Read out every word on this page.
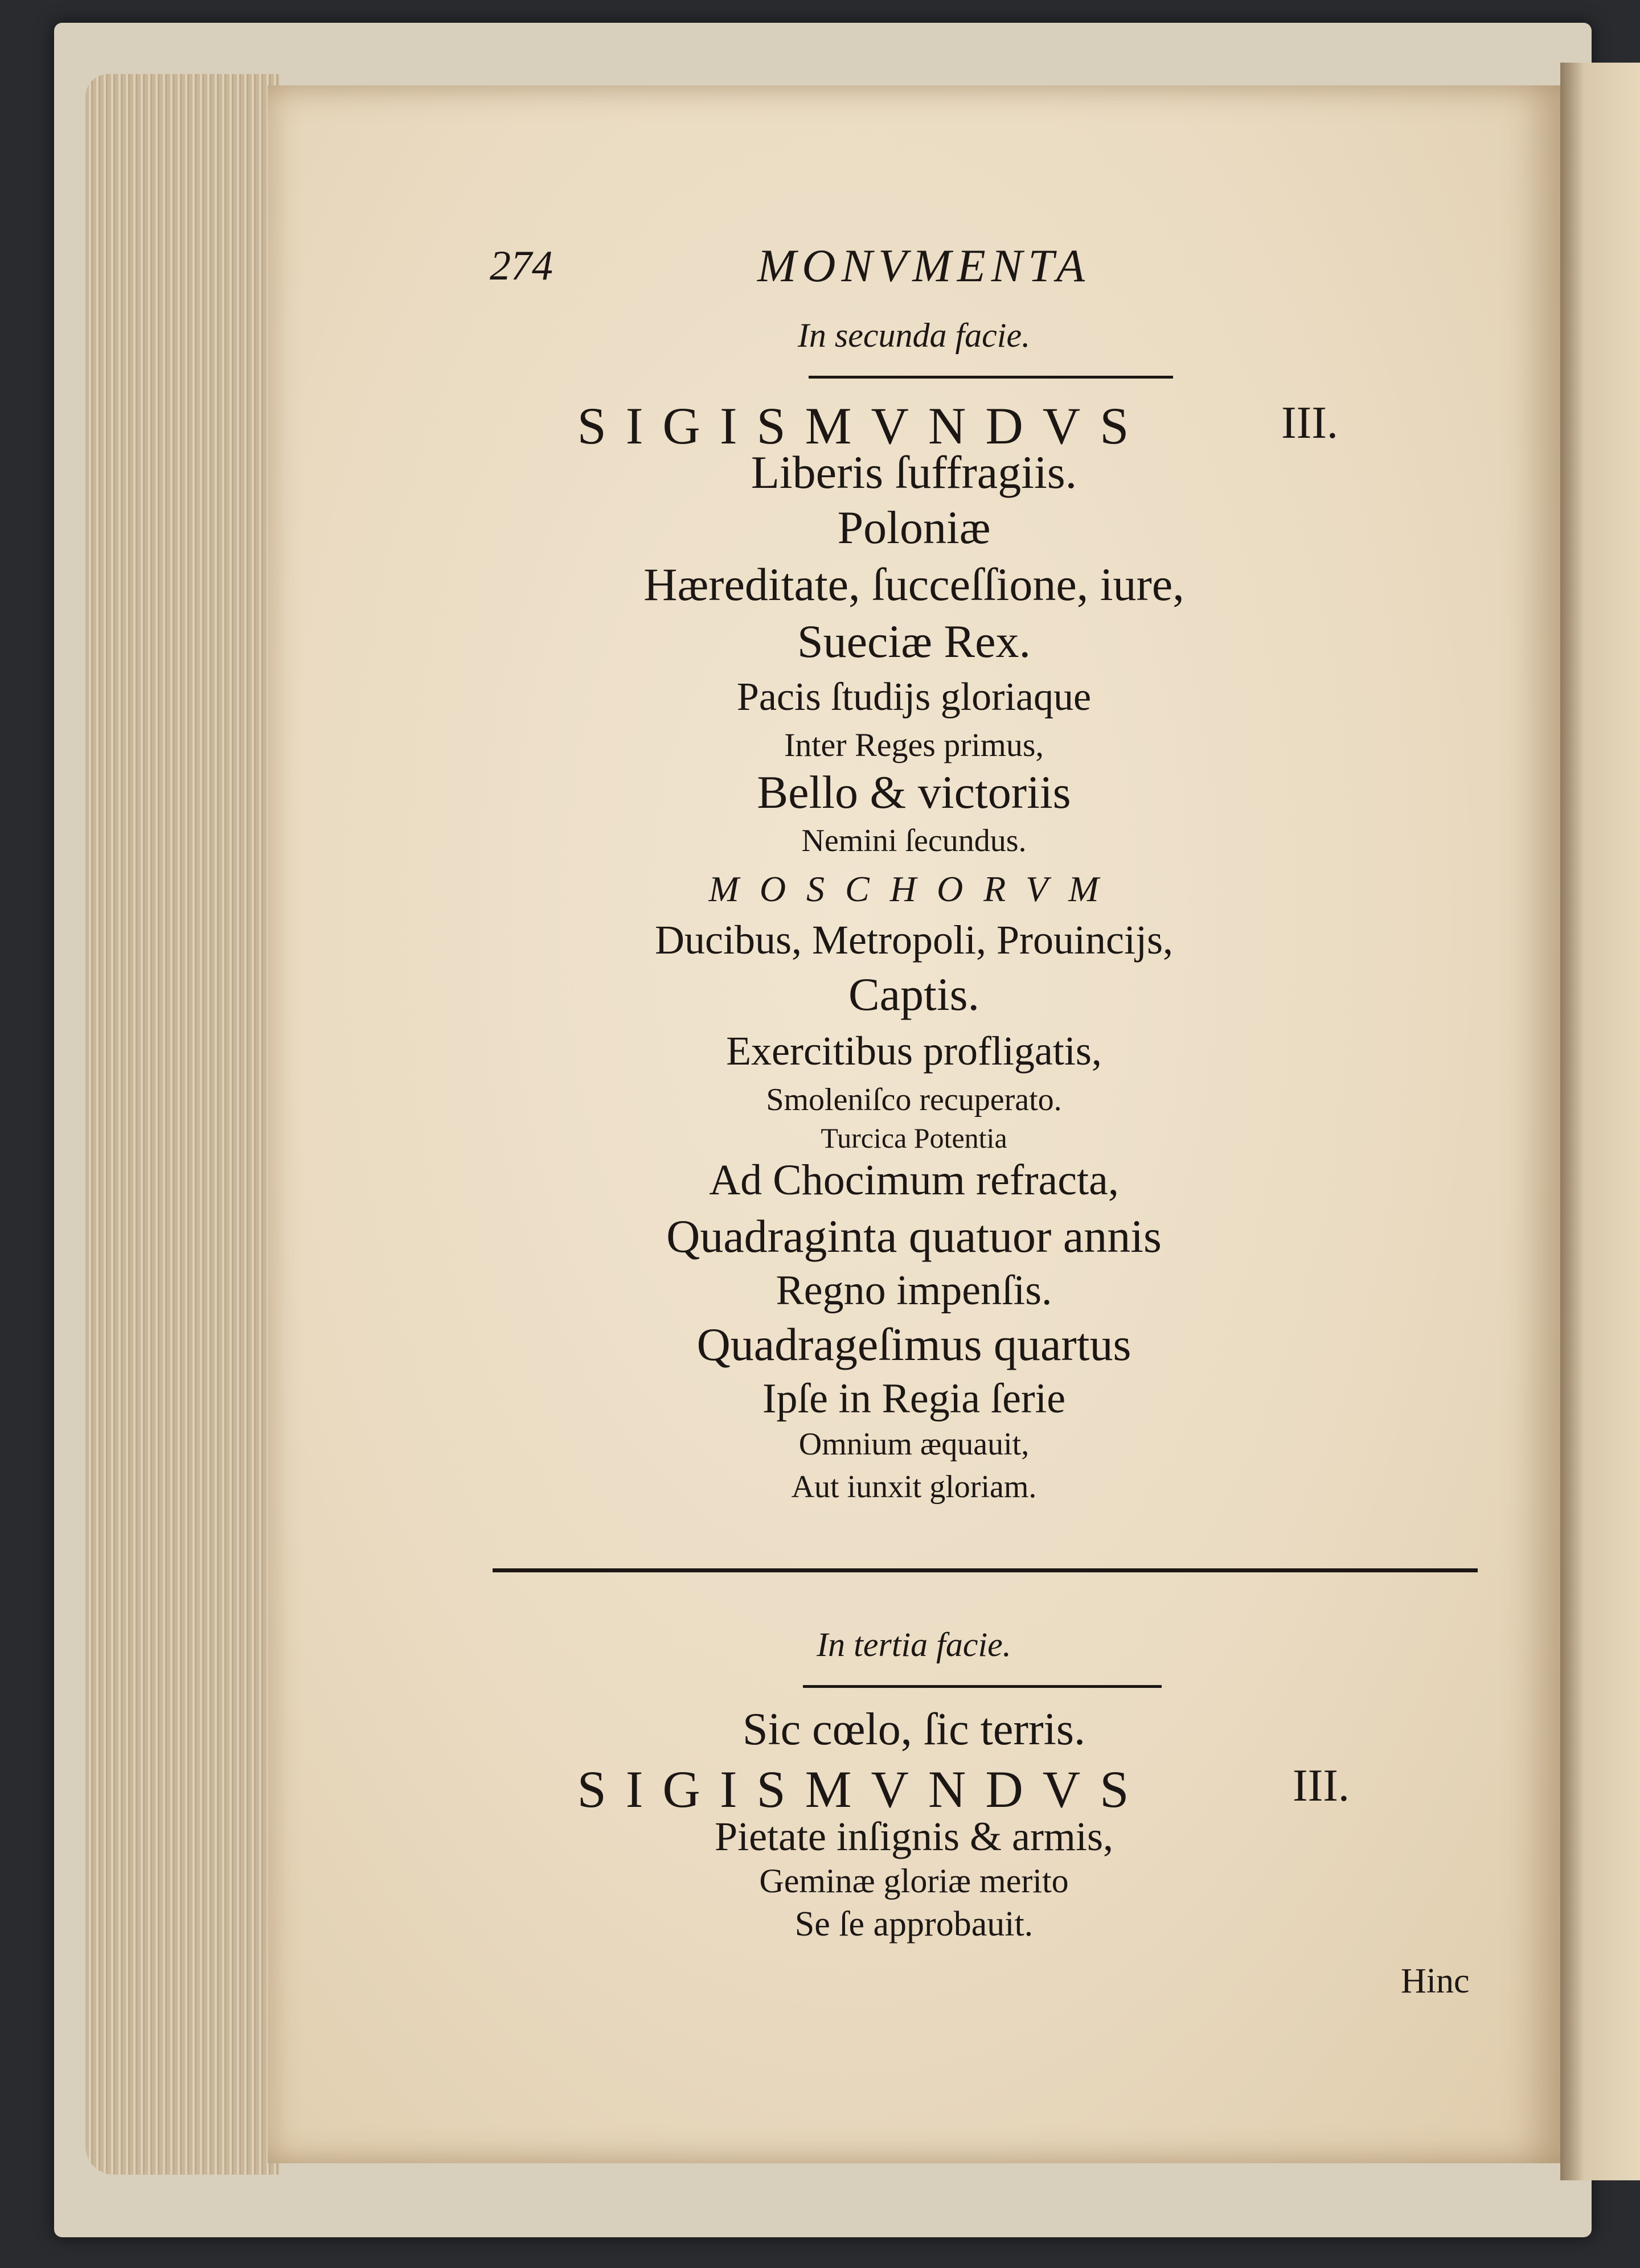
274	MONVMENTA
In secunda facie.
SIGISMVNDVS	III.
Liberis ſuffragiis.
Poloniæ
Hæreditate, ſucceſſione, iure,
Sueciæ Rex.
Pacis ſtudijs gloriaque
Inter Reges primus,
Bello & victoriis
Nemini ſecundus.
MOSCHORVM
Ducibus, Metropoli, Prouincijs,
Captis.
Exercitibus profligatis,
Smoleniſco recuperato.
Turcica Potentia
Ad Chocimum refracta,
Quadraginta quatuor annis
Regno impenſis.
Quadrageſimus quartus
Ipſe in Regia ſerie
Omnium æquauit,
Aut iunxit gloriam.
In tertia facie.
Sic cœlo, ſic terris.
SIGISMVNDVS	III.
Pietate inſignis & armis,
Geminæ gloriæ merito
Se ſe approbauit.
Hinc
